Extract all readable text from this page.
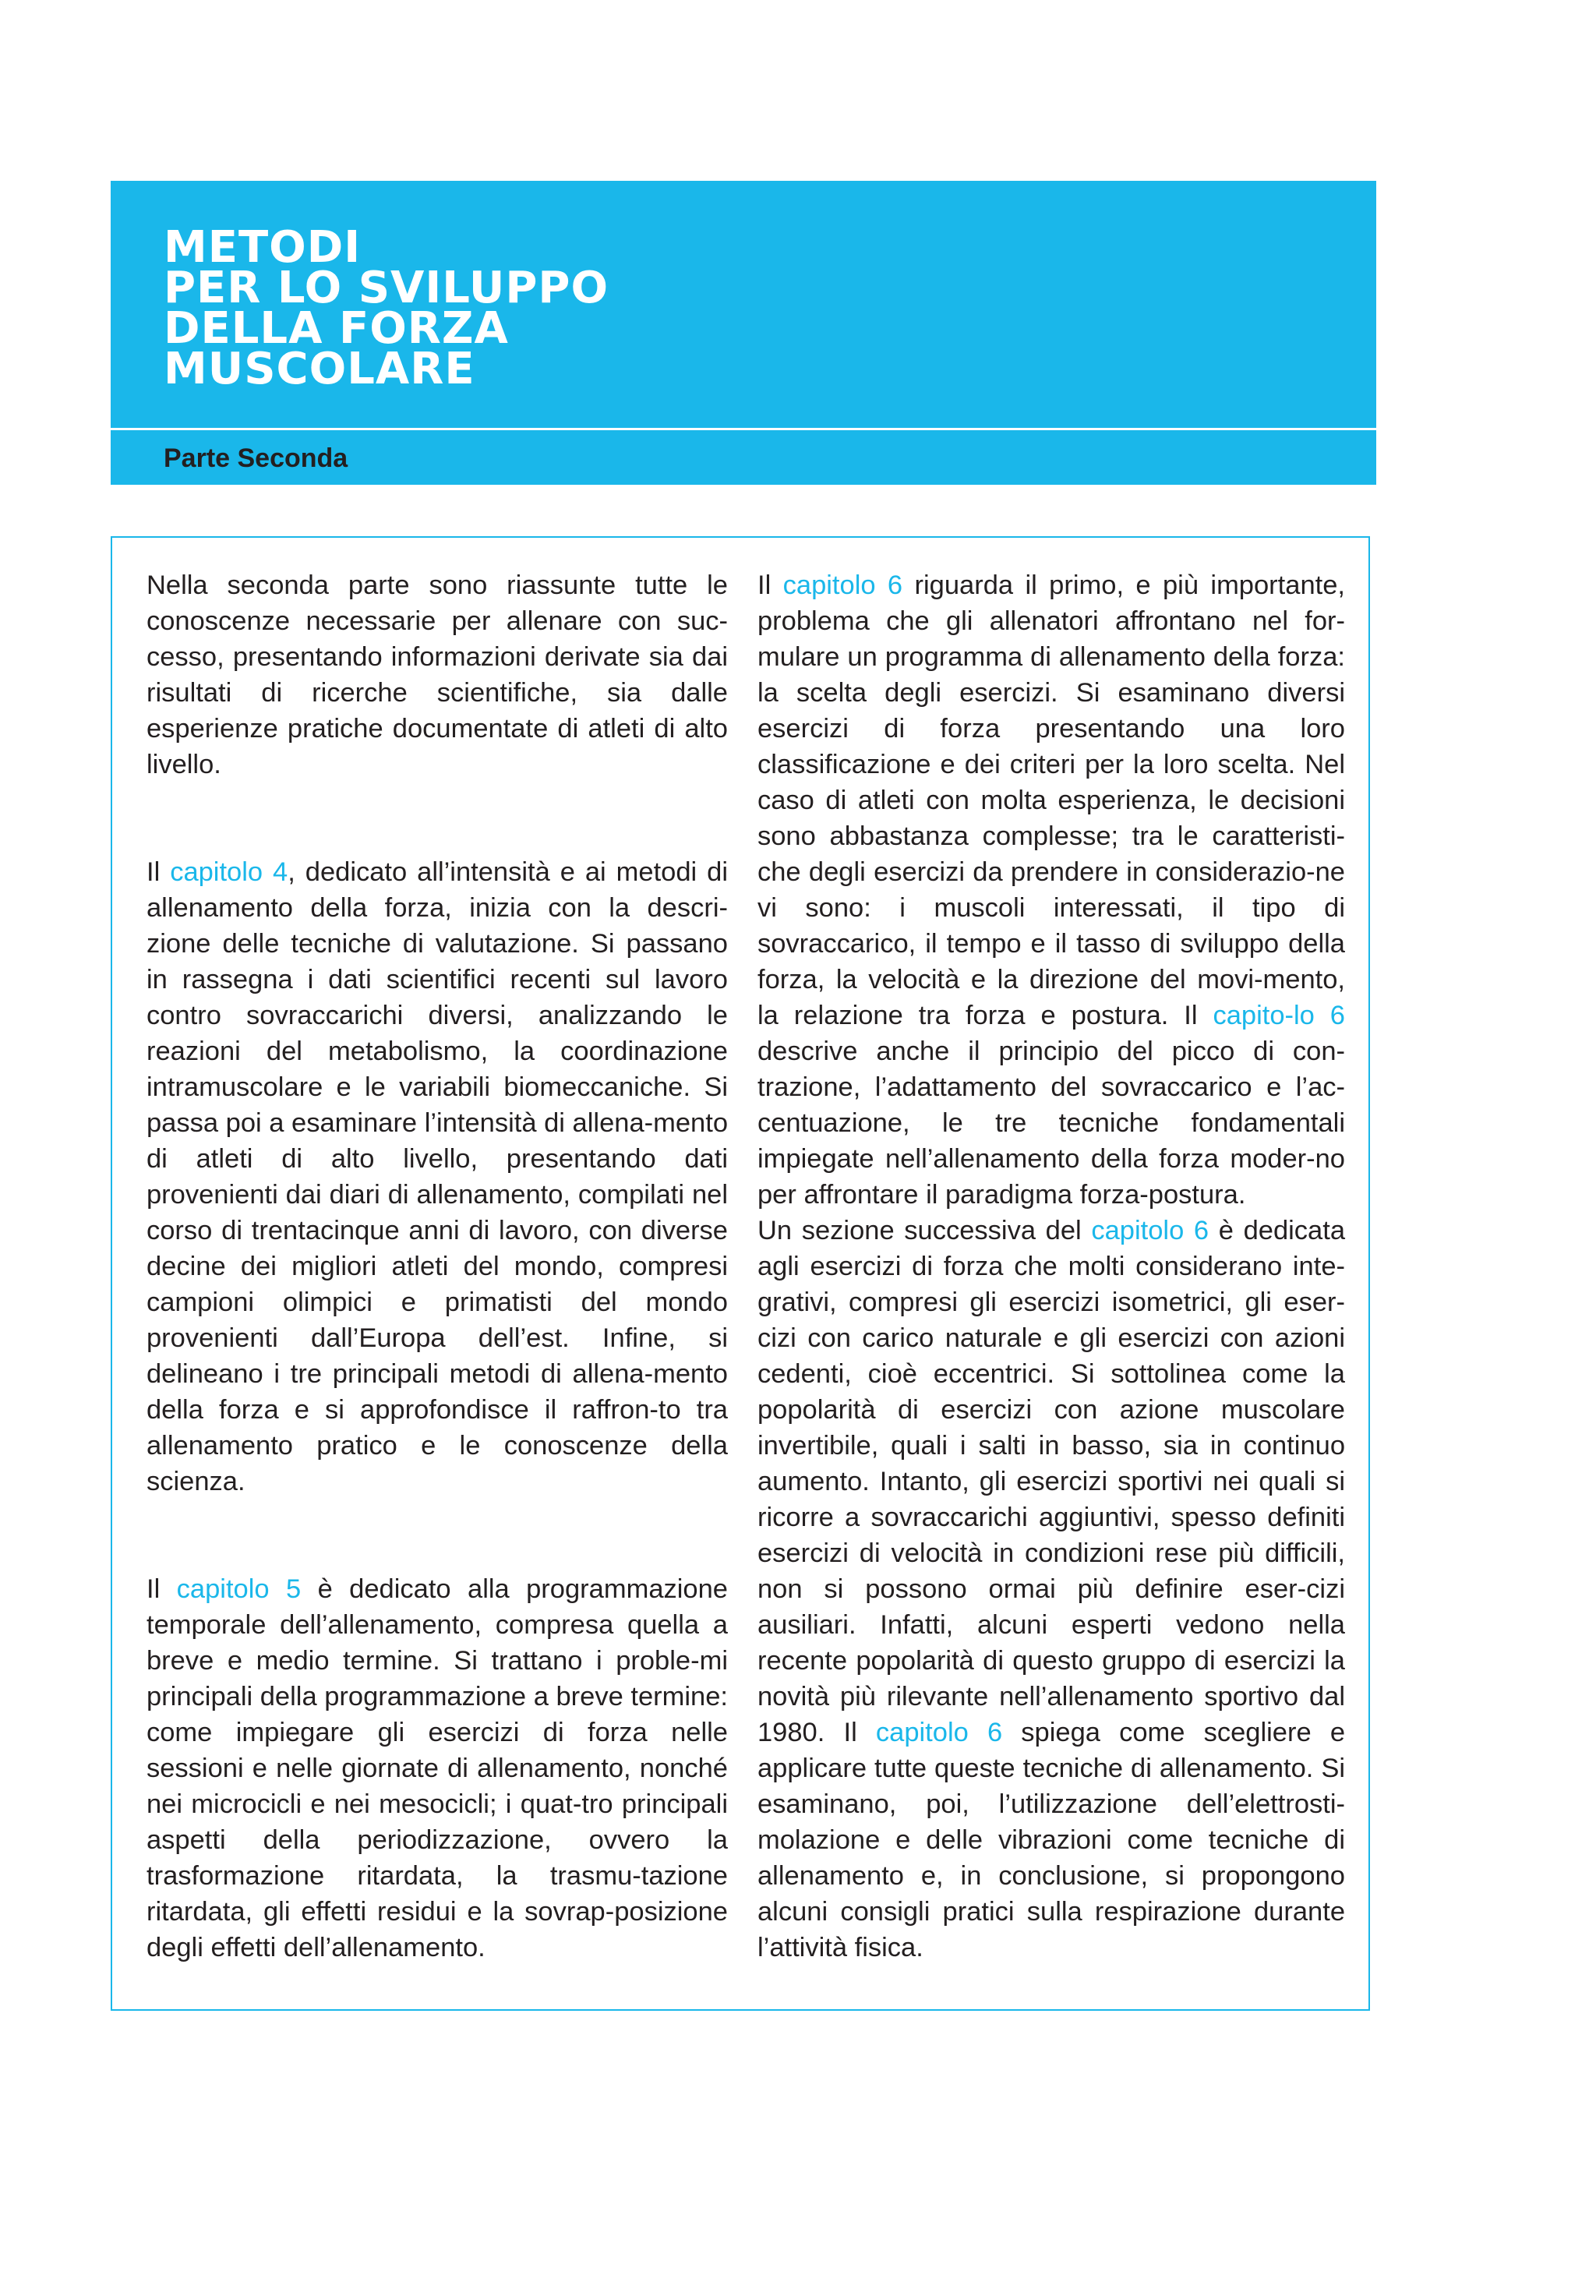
METODI
PER LO SVILUPPO
DELLA FORZA
MUSCOLARE
Parte Seconda

Nella seconda parte sono riassunte tutte le conoscenze necessarie per allenare con suc-cesso, presentando informazioni derivate sia dai risultati di ricerche scientifiche, sia dalle esperienze pratiche documentate di atleti di alto livello.

Il capitolo 4, dedicato all’intensità e ai metodi di allenamento della forza, inizia con la descri-zione delle tecniche di valutazione. Si passano in rassegna i dati scientifici recenti sul lavoro contro sovraccarichi diversi, analizzando le reazioni del metabolismo, la coordinazione intramuscolare e le variabili biomeccaniche. Si passa poi a esaminare l’intensità di allena-mento di atleti di alto livello, presentando dati provenienti dai diari di allenamento, compilati nel corso di trentacinque anni di lavoro, con diverse decine dei migliori atleti del mondo, compresi campioni olimpici e primatisti del mondo provenienti dall’Europa dell’est. Infine, si delineano i tre principali metodi di allena-mento della forza e si approfondisce il raffron-to tra allenamento pratico e le conoscenze della scienza.

Il capitolo 5 è dedicato alla programmazione temporale dell’allenamento, compresa quella a breve e medio termine. Si trattano i proble-mi principali della programmazione a breve termine: come impiegare gli esercizi di forza nelle sessioni e nelle giornate di allenamento, nonché nei microcicli e nei mesocicli; i quat-tro principali aspetti della periodizzazione, ovvero la trasformazione ritardata, la trasmu-tazione ritardata, gli effetti residui e la sovrap-posizione degli effetti dell’allenamento.

Il capitolo 6 riguarda il primo, e più importante, problema che gli allenatori affrontano nel for-mulare un programma di allenamento della forza: la scelta degli esercizi. Si esaminano diversi esercizi di forza presentando una loro classificazione e dei criteri per la loro scelta. Nel caso di atleti con molta esperienza, le decisioni sono abbastanza complesse; tra le caratteristi-che degli esercizi da prendere in considerazio-ne vi sono: i muscoli interessati, il tipo di sovraccarico, il tempo e il tasso di sviluppo della forza, la velocità e la direzione del movi-mento, la relazione tra forza e postura. Il capito-lo 6 descrive anche il principio del picco di con-trazione, l’adattamento del sovraccarico e l’ac-centuazione, le tre tecniche fondamentali impiegate nell’allenamento della forza moder-no per affrontare il paradigma forza-postura.

Un sezione successiva del capitolo 6 è dedicata agli esercizi di forza che molti considerano inte-grativi, compresi gli esercizi isometrici, gli eser-cizi con carico naturale e gli esercizi con azioni cedenti, cioè eccentrici. Si sottolinea come la popolarità di esercizi con azione muscolare invertibile, quali i salti in basso, sia in continuo aumento. Intanto, gli esercizi sportivi nei quali si ricorre a sovraccarichi aggiuntivi, spesso definiti esercizi di velocità in condizioni rese più difficili, non si possono ormai più definire eser-cizi ausiliari. Infatti, alcuni esperti vedono nella recente popolarità di questo gruppo di esercizi la novità più rilevante nell’allenamento sportivo dal 1980. Il capitolo 6 spiega come scegliere e applicare tutte queste tecniche di allenamento. Si esaminano, poi, l’utilizzazione dell’elettrosti-molazione e delle vibrazioni come tecniche di allenamento e, in conclusione, si propongono alcuni consigli pratici sulla respirazione durante l’attività fisica.
